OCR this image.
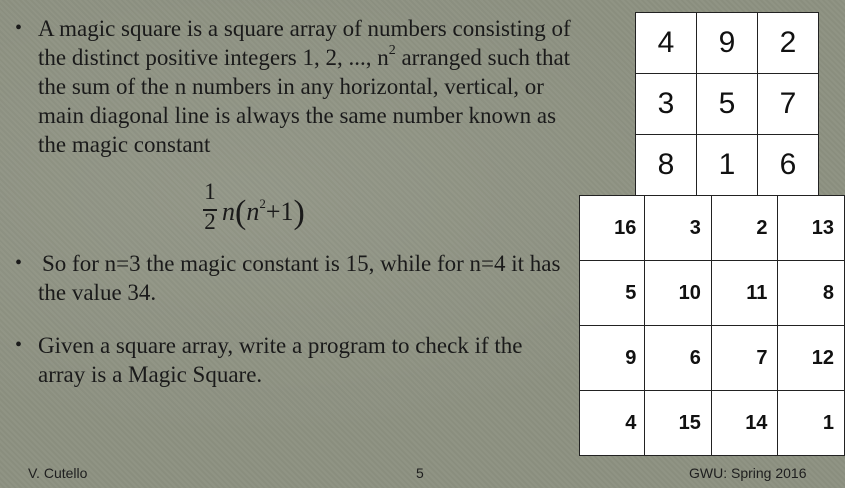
• A magic square is a square array of numbers consisting of the distinct positive integers 1, 2, ..., $n^2$ arranged such that the sum of the n numbers in any horizontal, vertical, or main diagonal line is always the same number known as the magic constant
1
2 $n(n^2+1)$
• So for n=3 the magic constant is 15, while for n=4 it has the value 34.
• Given a square array, write a program to check if the array is a Magic Square.
4	9	2
3	5	7
8	1	6
16	3	2	13
5	10	11	8
9	6	7	12
4	15	14	1
V. Cutello	5	GWU: Spring 2016
